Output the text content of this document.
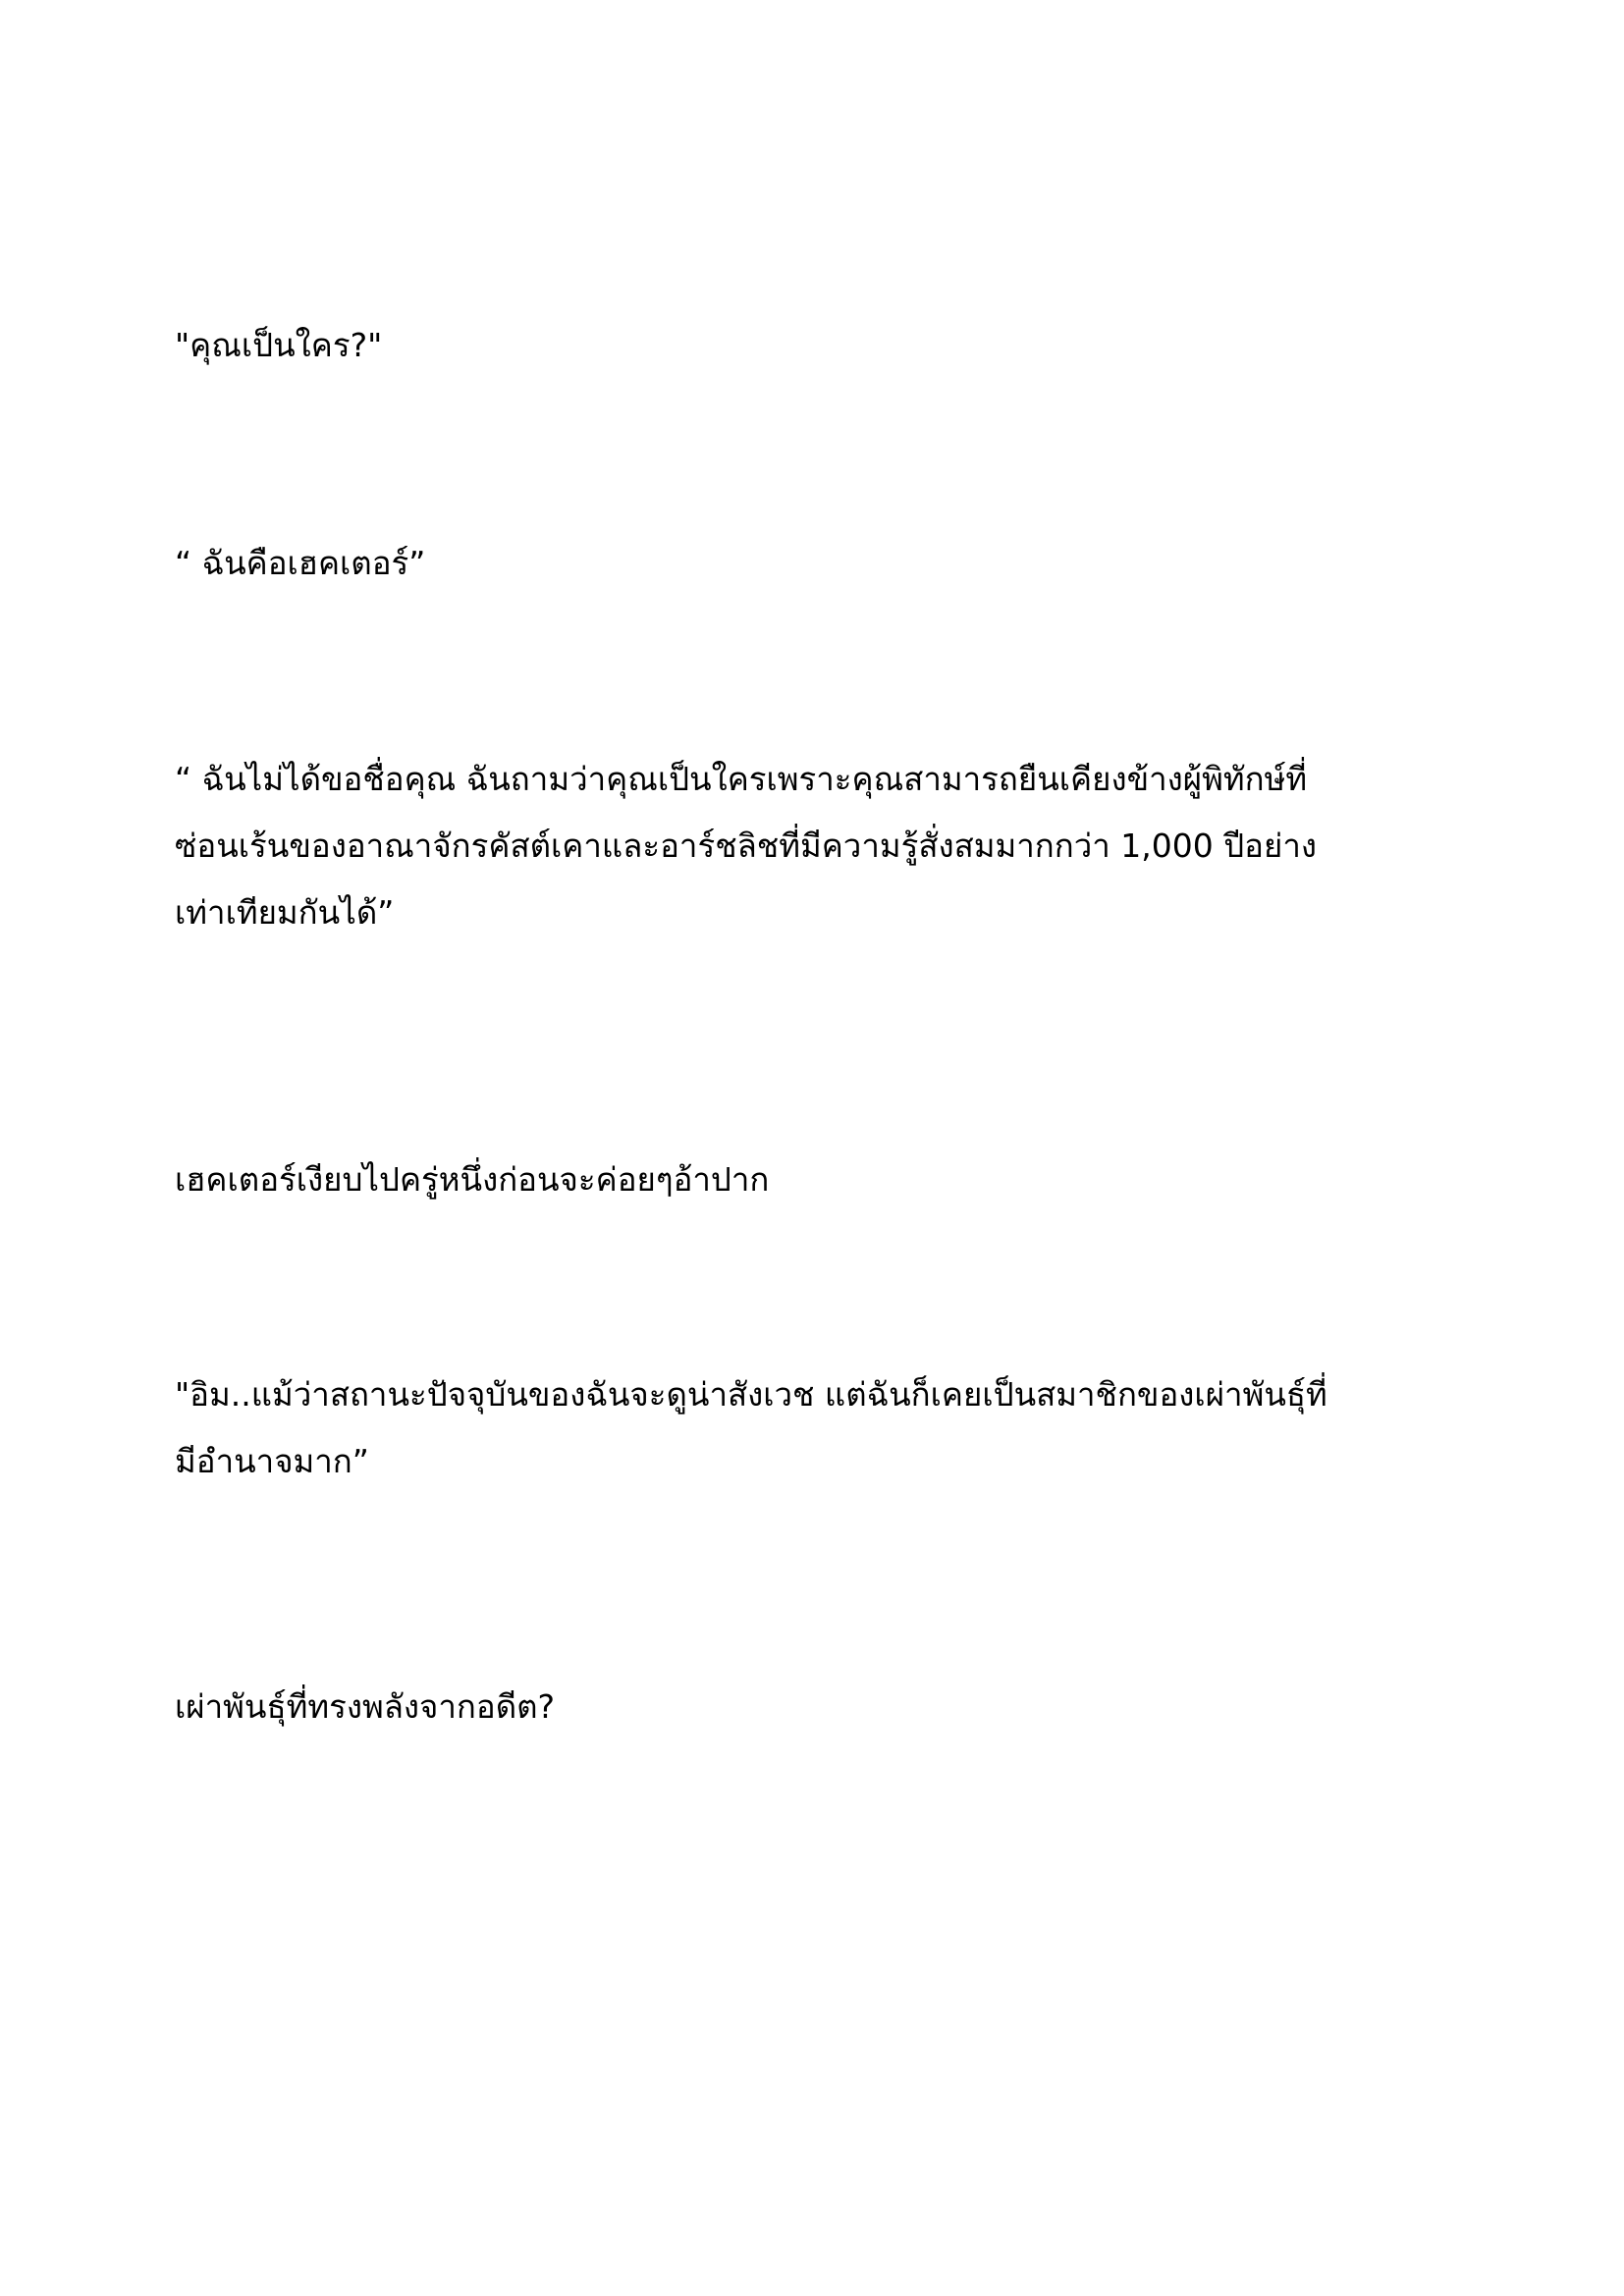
"คุณเป็นใคร?"

“ ฉันคือเฮคเตอร์”

“ ฉันไม่ได้ขอชื่อคุณ ฉันถามว่าคุณเป็นใครเพราะคุณสามารถยืนเคียงข้างผู้พิทักษ์ที่
ซ่อนเร้นของอาณาจักรคัสต์เคาและอาร์ชลิชที่มีความรู้สั่งสมมากกว่า 1,000 ปีอย่าง
เท่าเทียมกันได้”

เฮคเตอร์เงียบไปครู่หนึ่งก่อนจะค่อยๆอ้าปาก

"อิม..แม้ว่าสถานะปัจจุบันของฉันจะดูน่าสังเวช แต่ฉันก็เคยเป็นสมาชิกของเผ่าพันธุ์ที่
มีอำนาจมาก”

เผ่าพันธุ์ที่ทรงพลังจากอดีต?
